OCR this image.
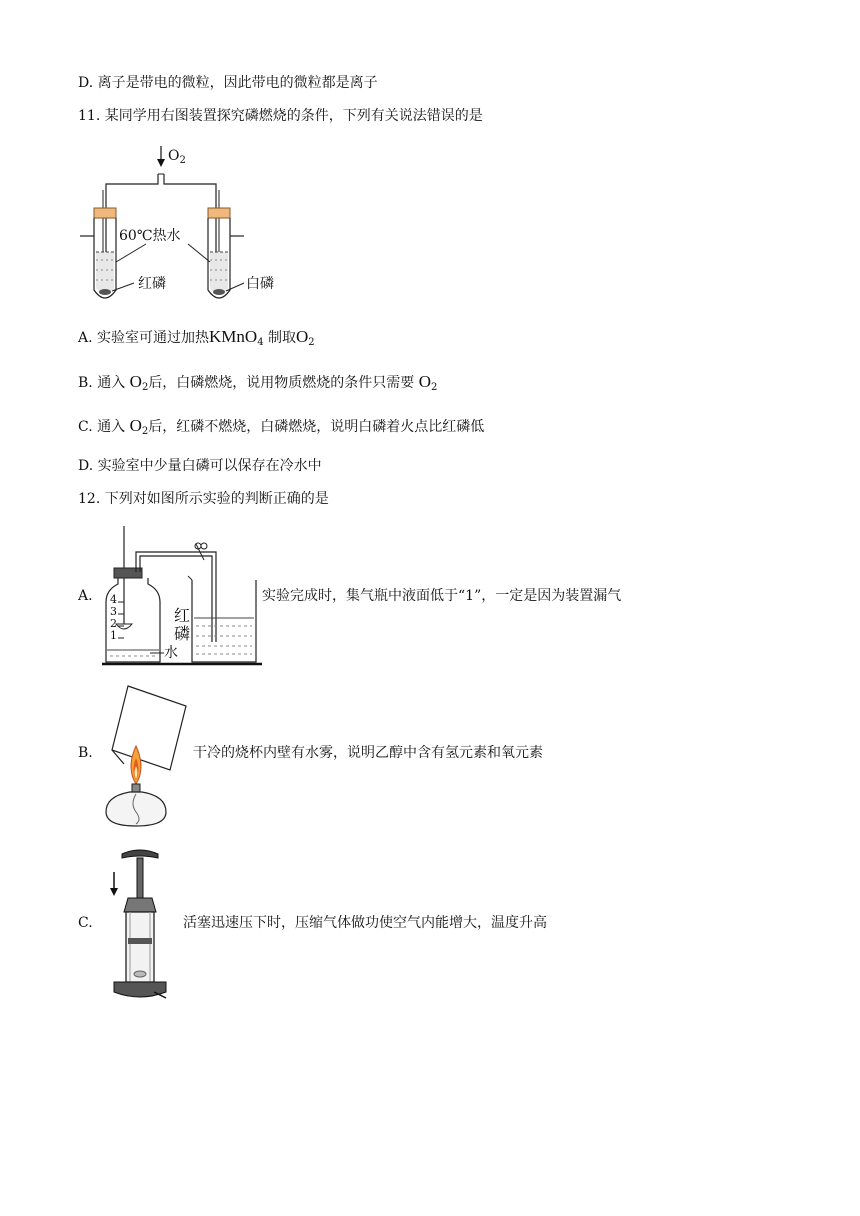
D. 离子是带电的微粒，因此带电的微粒都是离子
11. 某同学用右图装置探究磷燃烧的条件，下列有关说法错误的是
$O_2$
60℃热水
红磷	白磷
A. 实验室可通过加热KMnO$_4$ 制取$O_2$
B. 通入 $O_2$后，白磷燃烧，说用物质燃烧的条件只需要 $O_2$
C. 通入 $O_2$后，红磷不燃烧，白磷燃烧，说明白磷着火点比红磷低
D. 实验室中少量白磷可以保存在冷水中
12. 下列对如图所示实验的判断正确的是
A. 4
3
2
1
红
磷
水
实验完成时，集气瓶中液面低于“1”，一定是因为装置漏气
B.	干冷的烧杯内壁有水雾，说明乙醇中含有氢元素和氧元素
C.	活塞迅速压下时，压缩气体做功使空气内能增大，温度升高
